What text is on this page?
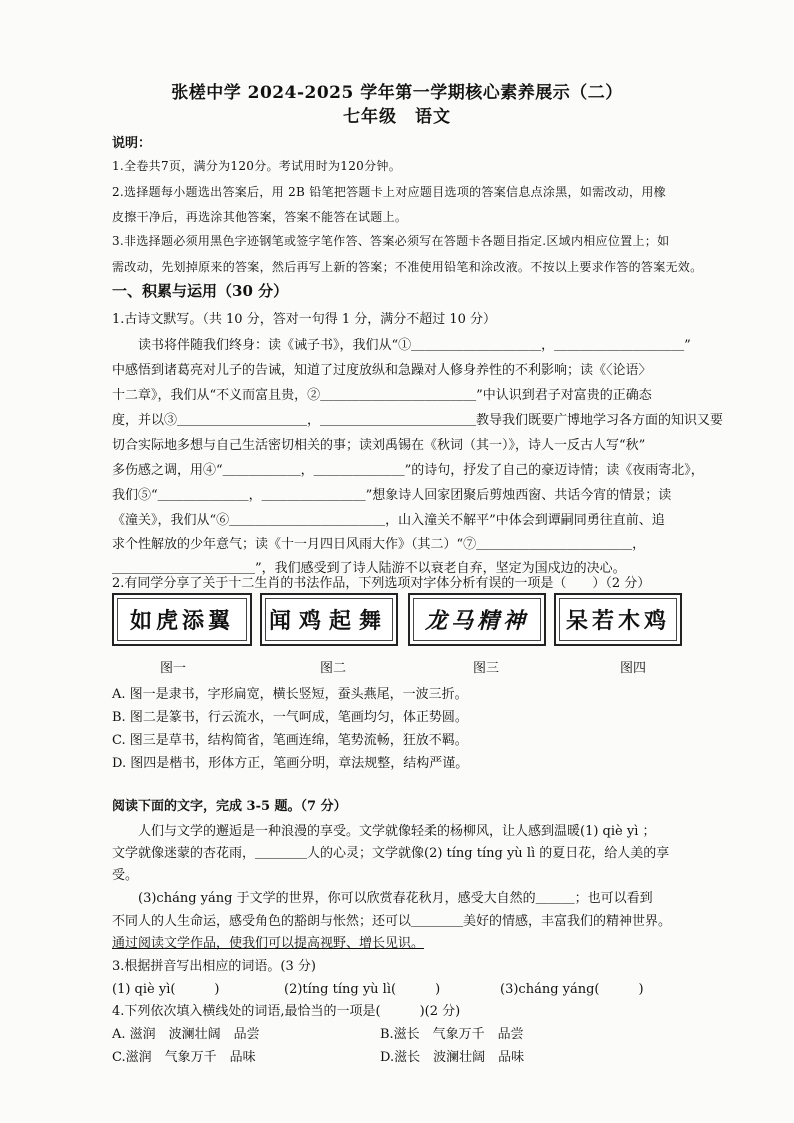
张槎中学 2024-2025 学年第一学期核心素养展示（二）
七年级　语文
说明：
1.全卷共7页，满分为120分。考试用时为120分钟。
2.选择题每小题选出答案后，用 2B 铅笔把答题卡上对应题目选项的答案信息点涂黑，如需改动，用橡
皮擦干净后，再选涂其他答案，答案不能答在试题上。
3.非选择题必须用黑色字迹钢笔或签字笔作答、答案必须写在答题卡各题目指定.区域内相应位置上；如
需改动，先划掉原来的答案，然后再写上新的答案；不准使用铅笔和涂改液。不按以上要求作答的答案无效。
一、积累与运用（30 分）
1.古诗文默写。（共 10 分，答对一句得 1 分，满分不超过 10 分）
　　读书将伴随我们终身：读《诫子书》，我们从“①＿＿＿＿＿＿＿＿＿＿，＿＿＿＿＿＿＿＿＿＿”
中感悟到诸葛亮对儿子的告诫，知道了过度放纵和急躁对人修身养性的不利影响；读《〈论语〉
十二章》，我们从“不义而富且贵，②＿＿＿＿＿＿＿＿＿＿＿＿”中认识到君子对富贵的正确态
度，并以③＿＿＿＿＿＿＿＿＿＿，＿＿＿＿＿＿＿＿＿＿＿＿教导我们既要广博地学习各方面的知识又要
切合实际地多想与自己生活密切相关的事；读刘禹锡在《秋词（其一）》，诗人一反古人写“秋”
多伤感之调，用④“＿＿＿＿＿＿，＿＿＿＿＿＿＿”的诗句，抒发了自己的豪迈诗情；读《夜雨寄北》，
我们⑤“＿＿＿＿＿＿＿，＿＿＿＿＿＿＿＿”想象诗人回家团聚后剪烛西窗、共话今宵的情景；读
《潼关》，我们从“⑥＿＿＿＿＿＿＿＿＿＿＿＿，山入潼关不解平”中体会到谭嗣同勇往直前、追
求个性解放的少年意气；读《十一月四日风雨大作》（其二）“⑦＿＿＿＿＿＿＿＿＿＿＿＿，
＿＿＿＿＿＿＿＿＿＿＿”，我们感受到了诗人陆游不以衰老自弃，坚定为国戍边的决心。
2.有同学分享了关于十二生肖的书法作品，下列选项对字体分析有误的一项是（　　）（2 分）
如虎添翼 闻鸡起舞 龙马精神 呆若木鸡
图一	图二	图三	图四
A. 图一是隶书，字形扁宽，横长竖短，蚕头燕尾，一波三折。
B. 图二是篆书，行云流水，一气呵成，笔画均匀，体正势圆。
C. 图三是草书，结构简省，笔画连绵，笔势流畅，狂放不羁。
D. 图四是楷书，形体方正，笔画分明，章法规整，结构严谨。
阅读下面的文字，完成 3-5 题。（7 分）
　　人们与文学的邂逅是一种浪漫的享受。文学就像轻柔的杨柳风，让人感到温暖(1) qiè yì ；
文学就像迷蒙的杏花雨，＿＿＿＿人的心灵；文学就像(2) tíng tíng yù lì 的夏日花，给人美的享
受。
　　(3)cháng yáng 于文学的世界，你可以欣赏春花秋月，感受大自然的＿＿＿；也可以看到
不同人的人生命运，感受角色的豁朗与怅然；还可以＿＿＿＿美好的情感，丰富我们的精神世界。
通过阅读文学作品，使我们可以提高视野、增长见识。
3.根据拼音写出相应的词语。(3 分)
(1) qiè yì(　　　)	(2)tíng tíng yù lì(　　　)	(3)cháng yáng(　　　)
4.下列依次填入横线处的词语,最恰当的一项是(　　　)(2 分)
A. 滋润　波澜壮阔　品尝	B.滋长　气象万千　品尝
C.滋润　气象万千　品味	D.滋长　波澜壮阔　品味
